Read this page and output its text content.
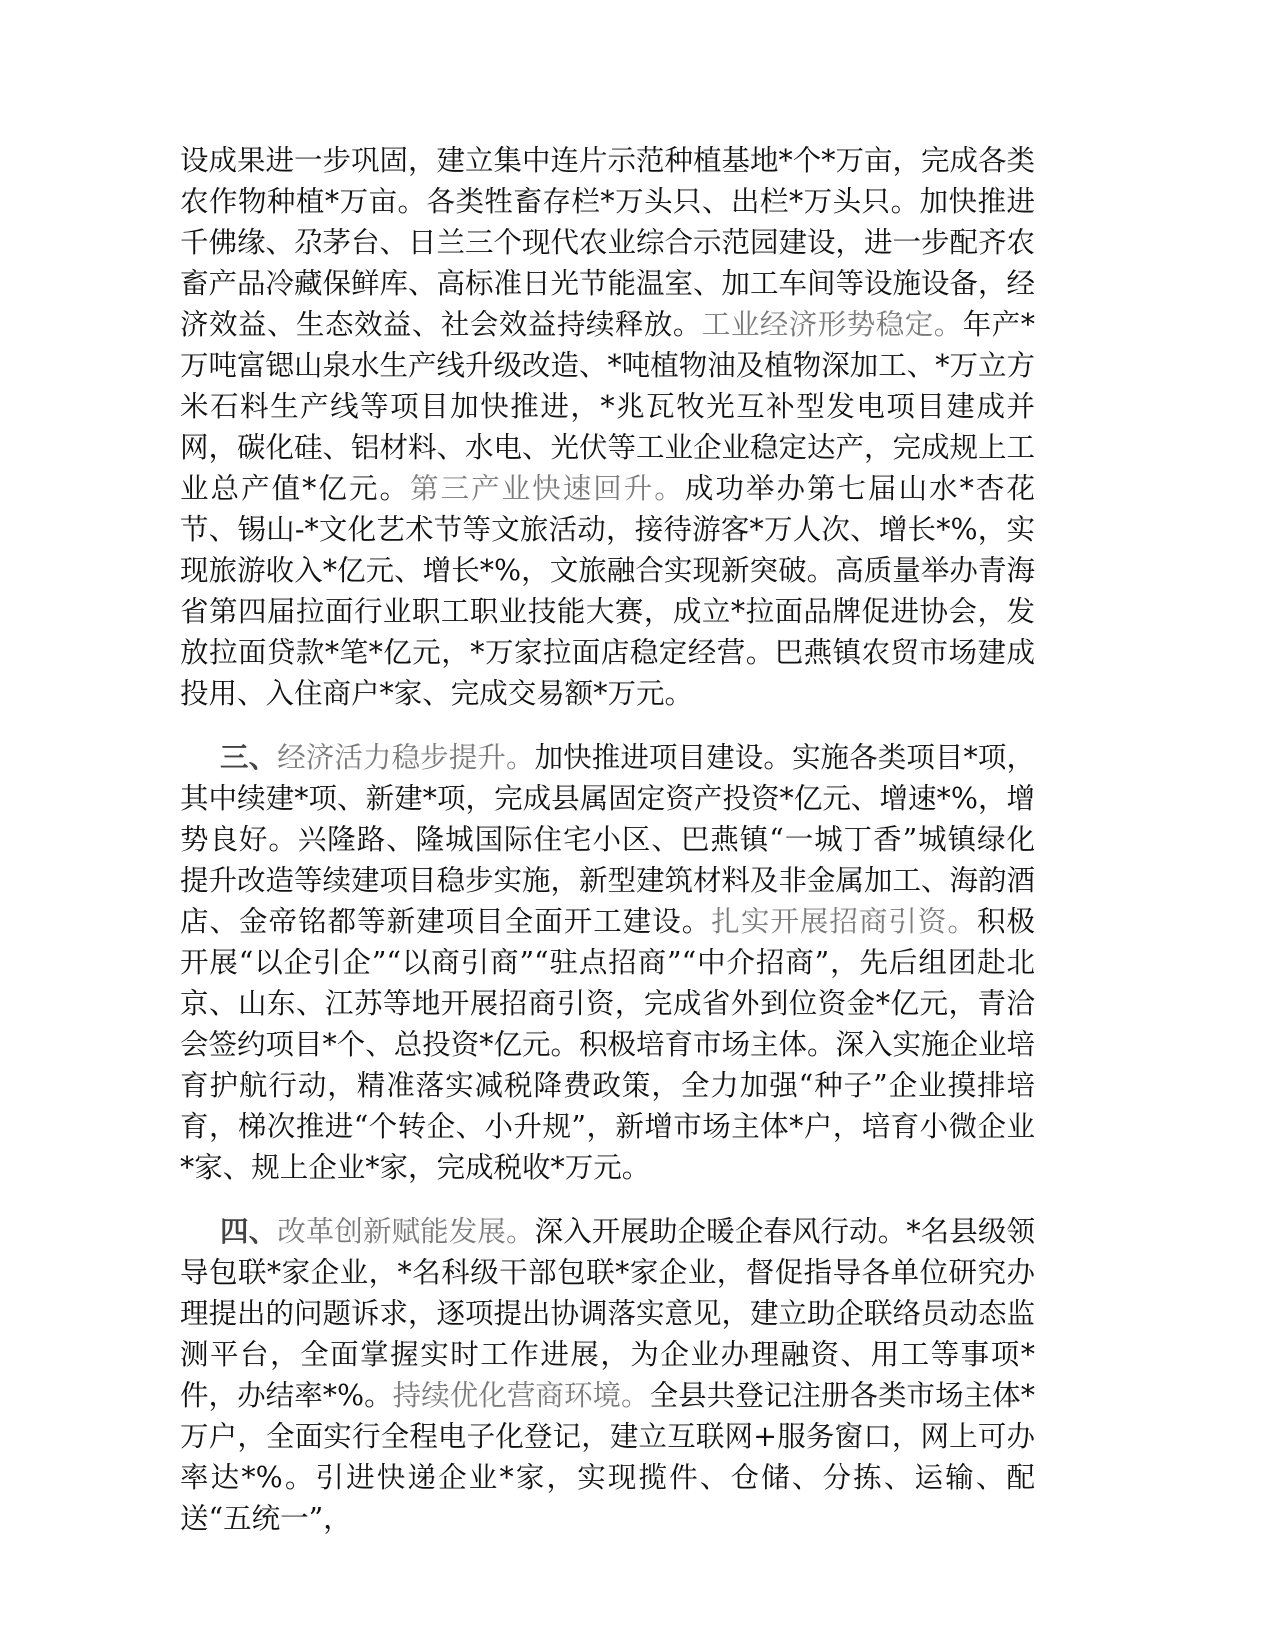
设成果进一步巩固，建立集中连片示范种植基地*个*万亩，完成各类农作物种植*万亩。各类牲畜存栏*万头只、出栏*万头只。加快推进千佛缘、尕茅台、日兰三个现代农业综合示范园建设，进一步配齐农畜产品冷藏保鲜库、高标准日光节能温室、加工车间等设施设备，经济效益、生态效益、社会效益持续释放。工业经济形势稳定。年产*万吨富锶山泉水生产线升级改造、*吨植物油及植物深加工、*万立方米石料生产线等项目加快推进，*兆瓦牧光互补型发电项目建成并网，碳化硅、铝材料、水电、光伏等工业企业稳定达产，完成规上工业总产值*亿元。第三产业快速回升。成功举办第七届山水*杏花节、锡山-*文化艺术节等文旅活动，接待游客*万人次、增长*%，实现旅游收入*亿元、增长*%，文旅融合实现新突破。高质量举办青海省第四届拉面行业职工职业技能大赛，成立*拉面品牌促进协会，发放拉面贷款*笔*亿元，*万家拉面店稳定经营。巴燕镇农贸市场建成投用、入住商户*家、完成交易额*万元。

三、经济活力稳步提升。加快推进项目建设。实施各类项目*项，其中续建*项、新建*项，完成县属固定资产投资*亿元、增速*%，增势良好。兴隆路、隆城国际住宅小区、巴燕镇“一城丁香”城镇绿化提升改造等续建项目稳步实施，新型建筑材料及非金属加工、海韵酒店、金帝铭都等新建项目全面开工建设。扎实开展招商引资。积极开展“以企引企”“以商引商”“驻点招商”“中介招商”，先后组团赴北京、山东、江苏等地开展招商引资，完成省外到位资金*亿元，青洽会签约项目*个、总投资*亿元。积极培育市场主体。深入实施企业培育护航行动，精准落实减税降费政策，全力加强“种子”企业摸排培育，梯次推进“个转企、小升规”，新增市场主体*户，培育小微企业*家、规上企业*家，完成税收*万元。

四、改革创新赋能发展。深入开展助企暖企春风行动。*名县级领导包联*家企业，*名科级干部包联*家企业，督促指导各单位研究办理提出的问题诉求，逐项提出协调落实意见，建立助企联络员动态监测平台，全面掌握实时工作进展，为企业办理融资、用工等事项*件，办结率*%。持续优化营商环境。全县共登记注册各类市场主体*万户，全面实行全程电子化登记，建立互联网+服务窗口，网上可办率达*%。引进快递企业*家，实现揽件、仓储、分拣、运输、配送“五统一”，
